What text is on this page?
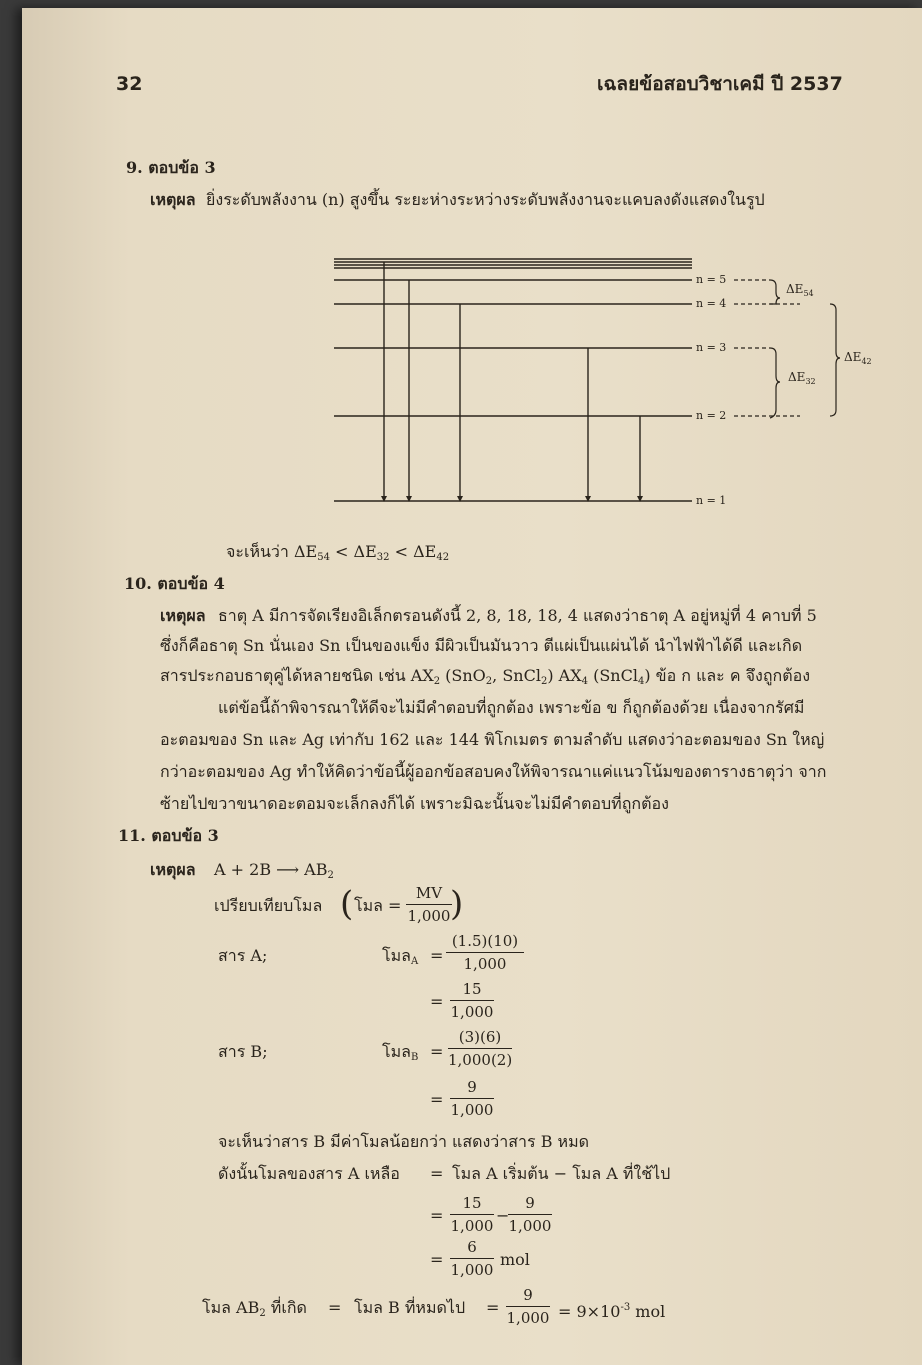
32	เฉลยข้อสอบวิชาเคมี ปี 2537
9. ตอบข้อ 3
เหตุผล ยิ่งระดับพลังงาน (n) สูงขึ้น ระยะห่างระหว่างระดับพลังงานจะแคบลงดังแสดงในรูป
n = 5
n = 4
n = 3
n = 2
n = 1
$\Delta E_{54}$
$\Delta E_{32}$
$\Delta E_{42}$
จะเห็นว่า $\Delta E_{54} < \Delta E_{32} < \Delta E_{42}$
10. ตอบข้อ 4
เหตุผล ธาตุ A มีการจัดเรียงอิเล็กตรอนดังนี้ 2, 8, 18, 18, 4 แสดงว่าธาตุ A อยู่หมู่ที่ 4 คาบที่ 5
ซึ่งก็คือธาตุ Sn นั่นเอง Sn เป็นของแข็ง มีผิวเป็นมันวาว ตีแผ่เป็นแผ่นได้ นำไฟฟ้าได้ดี และเกิด
สารประกอบธาตุคู่ได้หลายชนิด เช่น $AX_2$ (SnO$_2$, SnCl$_2$) $AX_4$ (SnCl$_4$) ข้อ ก และ ค จึงถูกต้อง
แต่ข้อนี้ถ้าพิจารณาให้ดีจะไม่มีคำตอบที่ถูกต้อง เพราะข้อ ข ก็ถูกต้องด้วย เนื่องจากรัศมี
อะตอมของ Sn และ Ag เท่ากับ 162 และ 144 พิโกเมตร ตามลำดับ แสดงว่าอะตอมของ Sn ใหญ่
กว่าอะตอมของ Ag ทำให้คิดว่าข้อนี้ผู้ออกข้อสอบคงให้พิจารณาแค่แนวโน้มของตารางธาตุว่า จาก
ซ้ายไปขวาขนาดอะตอมจะเล็กลงก็ได้ เพราะมิฉะนั้นจะไม่มีคำตอบที่ถูกต้อง
11. ตอบข้อ 3
เหตุผล A + 2B ⟶ $AB_2$
เปรียบเทียบโมล ( โมล = $\frac{MV}{1,000}$
)
สาร A;	โมล$_A = \frac{(1.5)(10)}{1,000}$
= $\frac{15}{1,000}$
สาร B;	โมล$_B = \frac{(3)(6)}{1,000(2)}$
= $\frac{9}{1,000}$
จะเห็นว่าสาร B มีค่าโมลน้อยกว่า แสดงว่าสาร B หมด
ดังนั้นโมลของสาร A เหลือ = โมล A เริ่มต้น − โมล A ที่ใช้ไป
= $\frac{15}{1,000}$ −
$\frac{9}{1,000}$
= $\frac{6}{1,000}$ mol
โมล $AB_2$ ที่เกิด = โมล B ที่หมดไป = $\frac{9}{1,000} = 9\times 10^{-3}$ mol
